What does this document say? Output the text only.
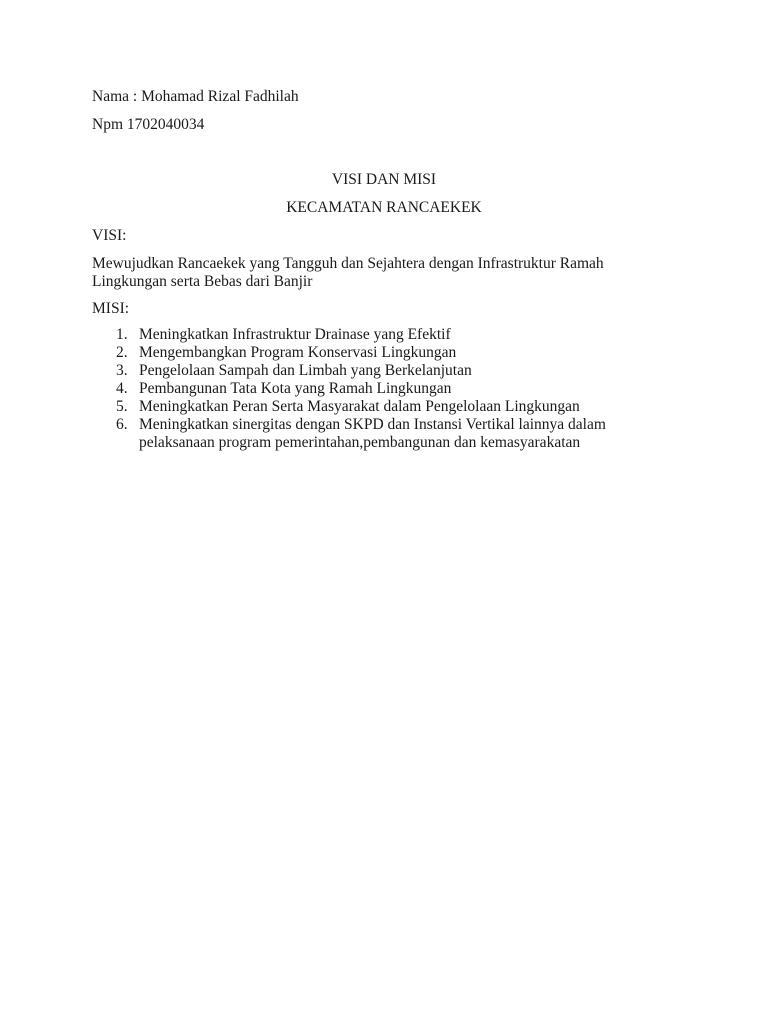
Nama : Mohamad Rizal Fadhilah

Npm 1702040034

VISI DAN MISI

KECAMATAN RANCAEKEK

VISI:

Mewujudkan Rancaekek yang Tangguh dan Sejahtera dengan Infrastruktur Ramah Lingkungan serta Bebas dari Banjir

MISI:

1. Meningkatkan Infrastruktur Drainase yang Efektif
2. Mengembangkan Program Konservasi Lingkungan
3. Pengelolaan Sampah dan Limbah yang Berkelanjutan
4. Pembangunan Tata Kota yang Ramah Lingkungan
5. Meningkatkan Peran Serta Masyarakat dalam Pengelolaan Lingkungan
6. Meningkatkan sinergitas dengan SKPD dan Instansi Vertikal lainnya dalam pelaksanaan program pemerintahan,pembangunan dan kemasyarakatan
